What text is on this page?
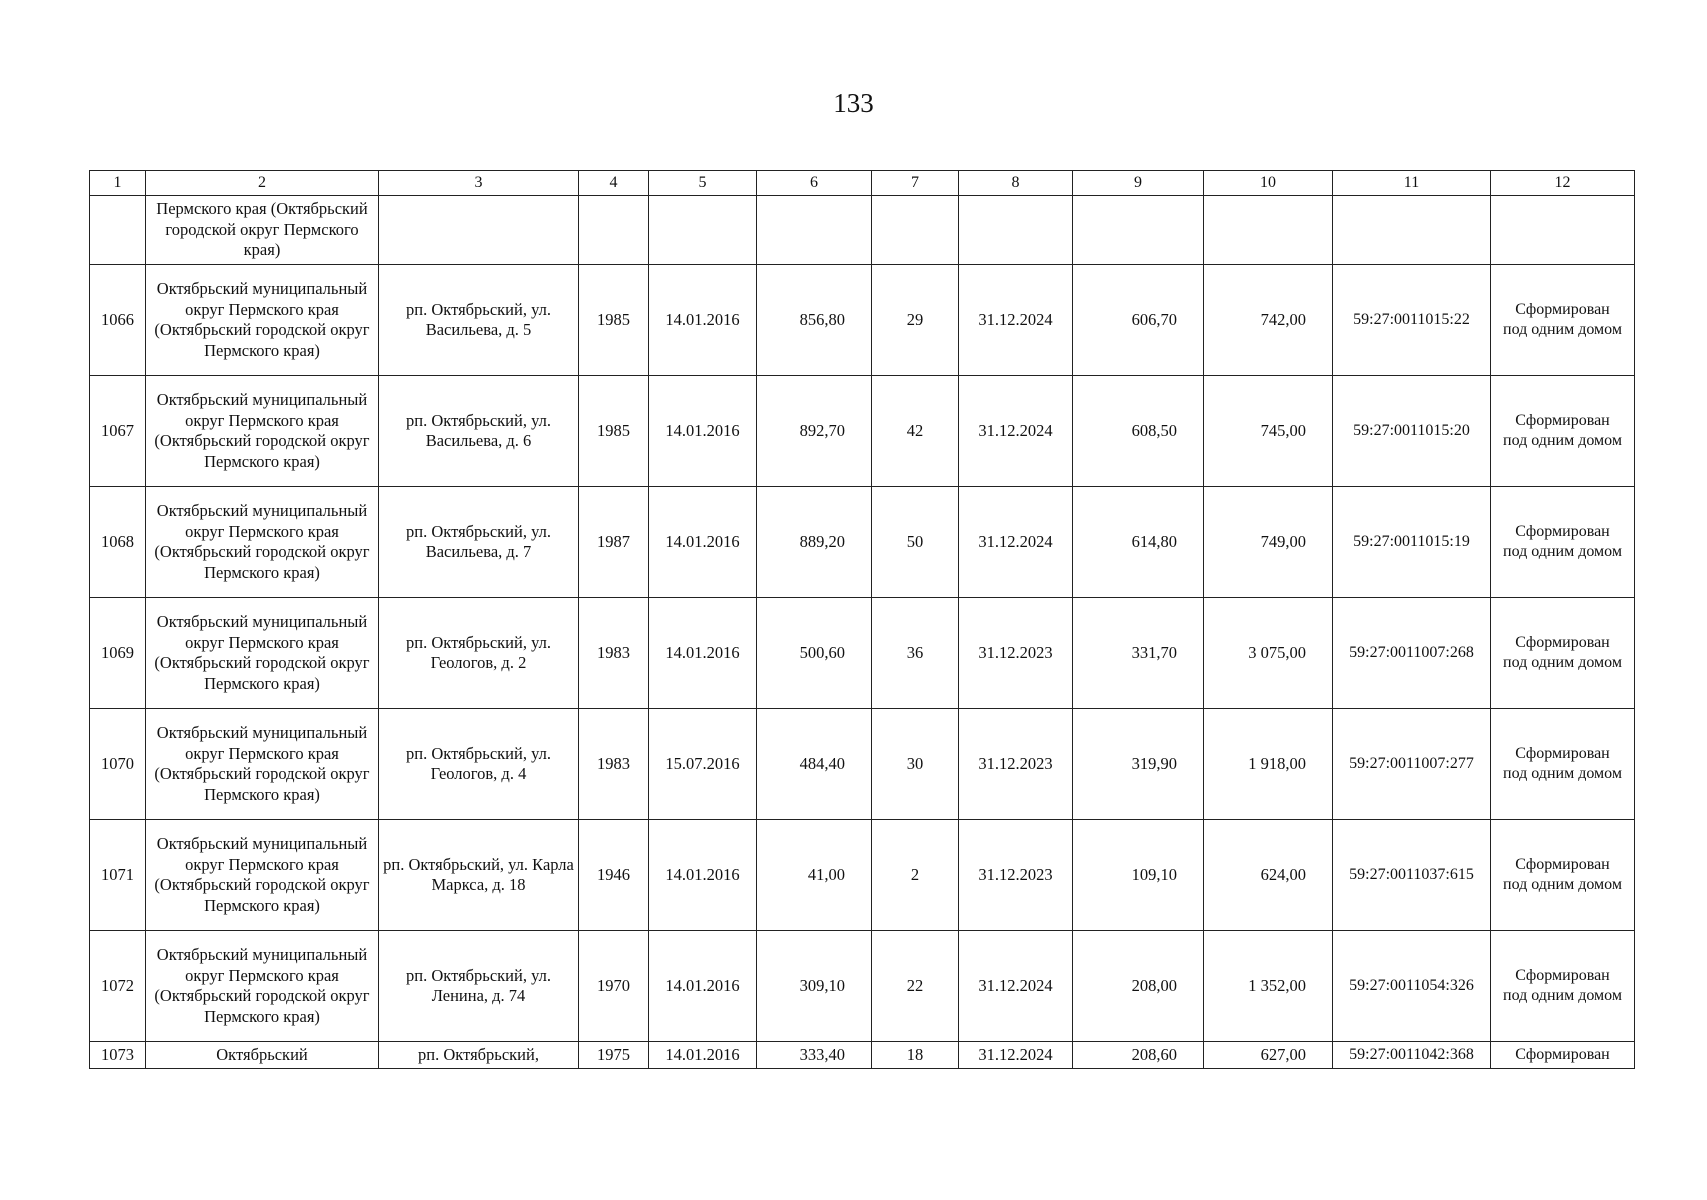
133
1	2	3	4	5	6	7	8	9	10	11	12
	Пермского края (Октябрьский городской округ Пермского края)										

1066	Октябрьский муниципальный округ Пермского края (Октябрьский городской округ Пермского края)	рп. Октябрьский, ул. Васильева, д. 5	1985	14.01.2016	856,80	29	31.12.2024	606,70	742,00	59:27:0011015:22	Сформирован
под одним домом

1067	Октябрьский муниципальный округ Пермского края (Октябрьский городской округ Пермского края)	рп. Октябрьский, ул. Васильева, д. 6	1985	14.01.2016	892,70	42	31.12.2024	608,50	745,00	59:27:0011015:20	Сформирован
под одним домом

1068	Октябрьский муниципальный округ Пермского края (Октябрьский городской округ Пермского края)	рп. Октябрьский, ул. Васильева, д. 7	1987	14.01.2016	889,20	50	31.12.2024	614,80	749,00	59:27:0011015:19	Сформирован
под одним домом

1069	Октябрьский муниципальный округ Пермского края (Октябрьский городской округ Пермского края)	рп. Октябрьский, ул. Геологов, д. 2	1983	14.01.2016	500,60	36	31.12.2023	331,70	3 075,00	59:27:0011007:268	Сформирован
под одним домом

1070	Октябрьский муниципальный округ Пермского края (Октябрьский городской округ Пермского края)	рп. Октябрьский, ул. Геологов, д. 4	1983	15.07.2016	484,40	30	31.12.2023	319,90	1 918,00	59:27:0011007:277	Сформирован
под одним домом

1071	Октябрьский муниципальный округ Пермского края (Октябрьский городской округ Пермского края)	рп. Октябрьский, ул. Карла Маркса, д. 18	1946	14.01.2016	41,00	2	31.12.2023	109,10	624,00	59:27:0011037:615	Сформирован
под одним домом

1072	Октябрьский муниципальный округ Пермского края (Октябрьский городской округ Пермского края)	рп. Октябрьский, ул. Ленина, д. 74	1970	14.01.2016	309,10	22	31.12.2024	208,00	1 352,00	59:27:0011054:326	Сформирован
под одним домом

1073	Октябрьский	рп. Октябрьский,	1975	14.01.2016	333,40	18	31.12.2024	208,60	627,00	59:27:0011042:368	Сформирован
